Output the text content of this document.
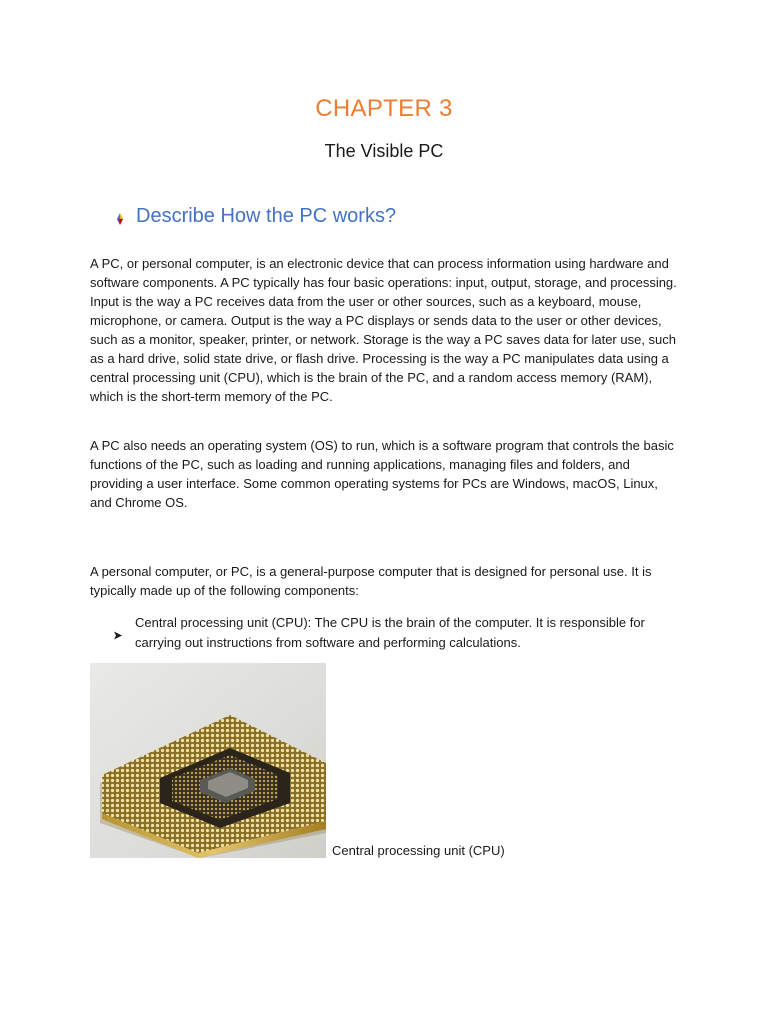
CHAPTER 3
The Visible PC
Describe How the PC works?

A PC, or personal computer, is an electronic device that can process information using hardware and software components. A PC typically has four basic operations: input, output, storage, and processing. Input is the way a PC receives data from the user or other sources, such as a keyboard, mouse, microphone, or camera. Output is the way a PC displays or sends data to the user or other devices, such as a monitor, speaker, printer, or network. Storage is the way a PC saves data for later use, such as a hard drive, solid state drive, or flash drive. Processing is the way a PC manipulates data using a central processing unit (CPU), which is the brain of the PC, and a random access memory (RAM), which is the short-term memory of the PC.

A PC also needs an operating system (OS) to run, which is a software program that controls the basic functions of the PC, such as loading and running applications, managing files and folders, and providing a user interface. Some common operating systems for PCs are Windows, macOS, Linux, and Chrome OS.

A personal computer, or PC, is a general-purpose computer that is designed for personal use. It is typically made up of the following components:

Central processing unit (CPU): The CPU is the brain of the computer. It is responsible for carrying out instructions from software and performing calculations.
Central processing unit (CPU)
